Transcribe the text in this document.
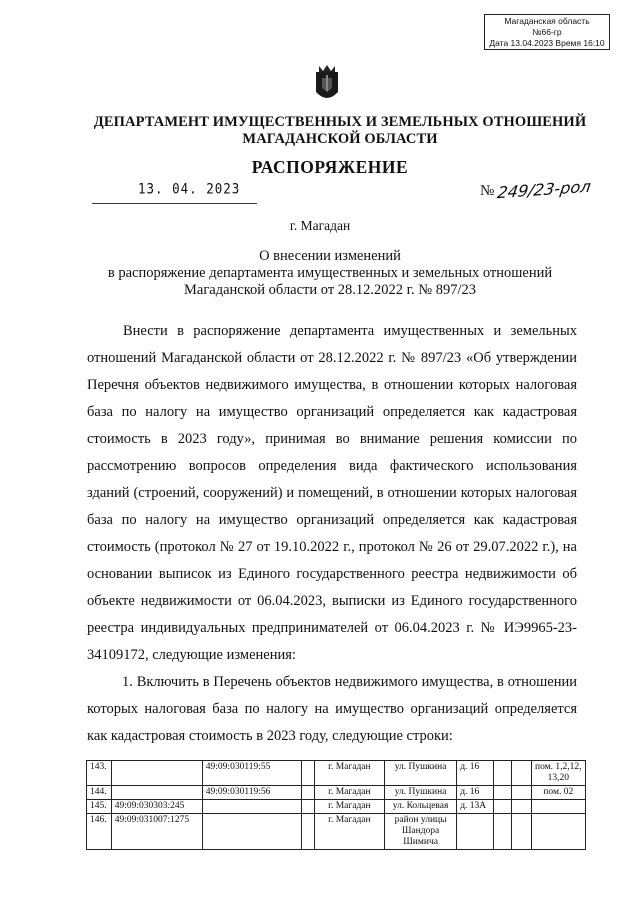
Магаданская область
№66-гр
Дата 13.04.2023 Время 16:10
ДЕПАРТАМЕНТ ИМУЩЕСТВЕННЫХ И ЗЕМЕЛЬНЫХ ОТНОШЕНИЙ
МАГАДАНСКОЙ ОБЛАСТИ
РАСПОРЯЖЕНИЕ
13. 04. 2023	№ 249/23-рол
г. Магадан
О внесении изменений
в распоряжение департамента имущественных и земельных отношений
Магаданской области от 28.12.2022 г. № 897/23

Внести в распоряжение департамента имущественных и земельных отношений Магаданской области от 28.12.2022 г. № 897/23 «Об утверждении Перечня объектов недвижимого имущества, в отношении которых налоговая база по налогу на имущество организаций определяется как кадастровая стоимость в 2023 году», принимая во внимание решения комиссии по рассмотрению вопросов определения вида фактического использования зданий (строений, сооружений) и помещений, в отношении которых налоговая база по налогу на имущество организаций определяется как кадастровая стоимость (протокол № 27 от 19.10.2022 г., протокол № 26 от 29.07.2022 г.), на основании выписок из Единого государственного реестра недвижимости об объекте недвижимости от 06.04.2023, выписки из Единого государственного реестра индивидуальных предпринимателей от 06.04.2023 г. № ИЭ9965-23-34109172, следующие изменения:

1. Включить в Перечень объектов недвижимого имущества, в отношении которых налоговая база по налогу на имущество организаций определяется как кадастровая стоимость в 2023 году, следующие строки:

143.		49:09:030119:55		г. Магадан	ул. Пушкина	д. 16			пом. 1,2,12, 13,20
144.		49:09:030119:56		г. Магадан	ул. Пушкина	д. 16			пом. 02
145.	49:09:030303:245			г. Магадан	ул. Кольцевая	д. 13А			
146.	49:09:031007:1275			г. Магадан	район улицы Шандора Шимича				
